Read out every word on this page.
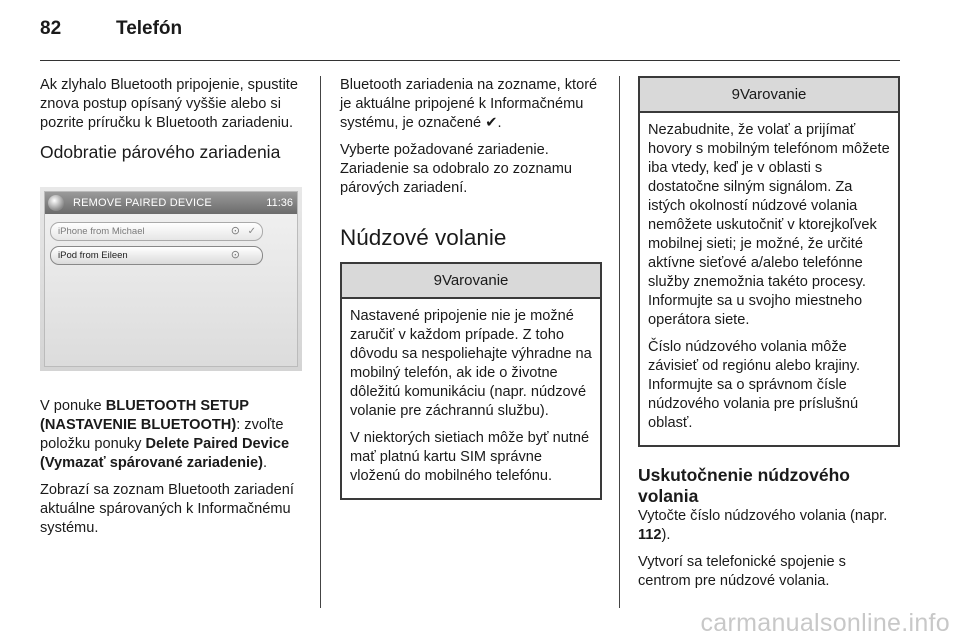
82	Telefón

Ak zlyhalo Bluetooth pripojenie, spustite znova postup opísaný vyššie alebo si pozrite príručku k Bluetooth zariadeniu.

Odobratie párového zariadenia
REMOVE PAIRED DEVICE	11:36
iPhone from Michael	⊙ ✓
iPod from Eileen	⊙

V ponuke BLUETOOTH SETUP (NASTAVENIE BLUETOOTH): zvoľte položku ponuky Delete Paired Device (Vymazať spárované zariadenie).

Zobrazí sa zoznam Bluetooth zariadení aktuálne spárovaných k Informačnému systému.

Bluetooth zariadenia na zozname, ktoré je aktuálne pripojené k Informačnému systému, je označené ✔.

Vyberte požadované zariadenie. Zariadenie sa odobralo zo zoznamu párových zariadení.

Núdzové volanie
9Varovanie

Nastavené pripojenie nie je možné zaručiť v každom prípade. Z toho dôvodu sa nespoliehajte výhradne na mobilný telefón, ak ide o životne dôležitú komunikáciu (napr. núdzové volanie pre záchrannú službu).

V niektorých sietiach môže byť nutné mať platnú kartu SIM správne vloženú do mobilného telefónu.

9Varovanie

Nezabudnite, že volať a prijímať hovory s mobilným telefónom môžete iba vtedy, keď je v oblasti s dostatočne silným signálom. Za istých okolností núdzové volania nemôžete uskutočniť v ktorejkoľvek mobilnej sieti; je možné, že určité aktívne sieťové a/alebo telefónne služby znemožnia takéto procesy. Informujte sa u svojho miestneho operátora siete.

Číslo núdzového volania môže závisieť od regiónu alebo krajiny. Informujte sa o správnom čísle núdzového volania pre príslušnú oblasť.

Uskutočnenie núdzového volania

Vytočte číslo núdzového volania (napr. 112).

Vytvorí sa telefonické spojenie s centrom pre núdzové volania.

carmanualsonline.info
